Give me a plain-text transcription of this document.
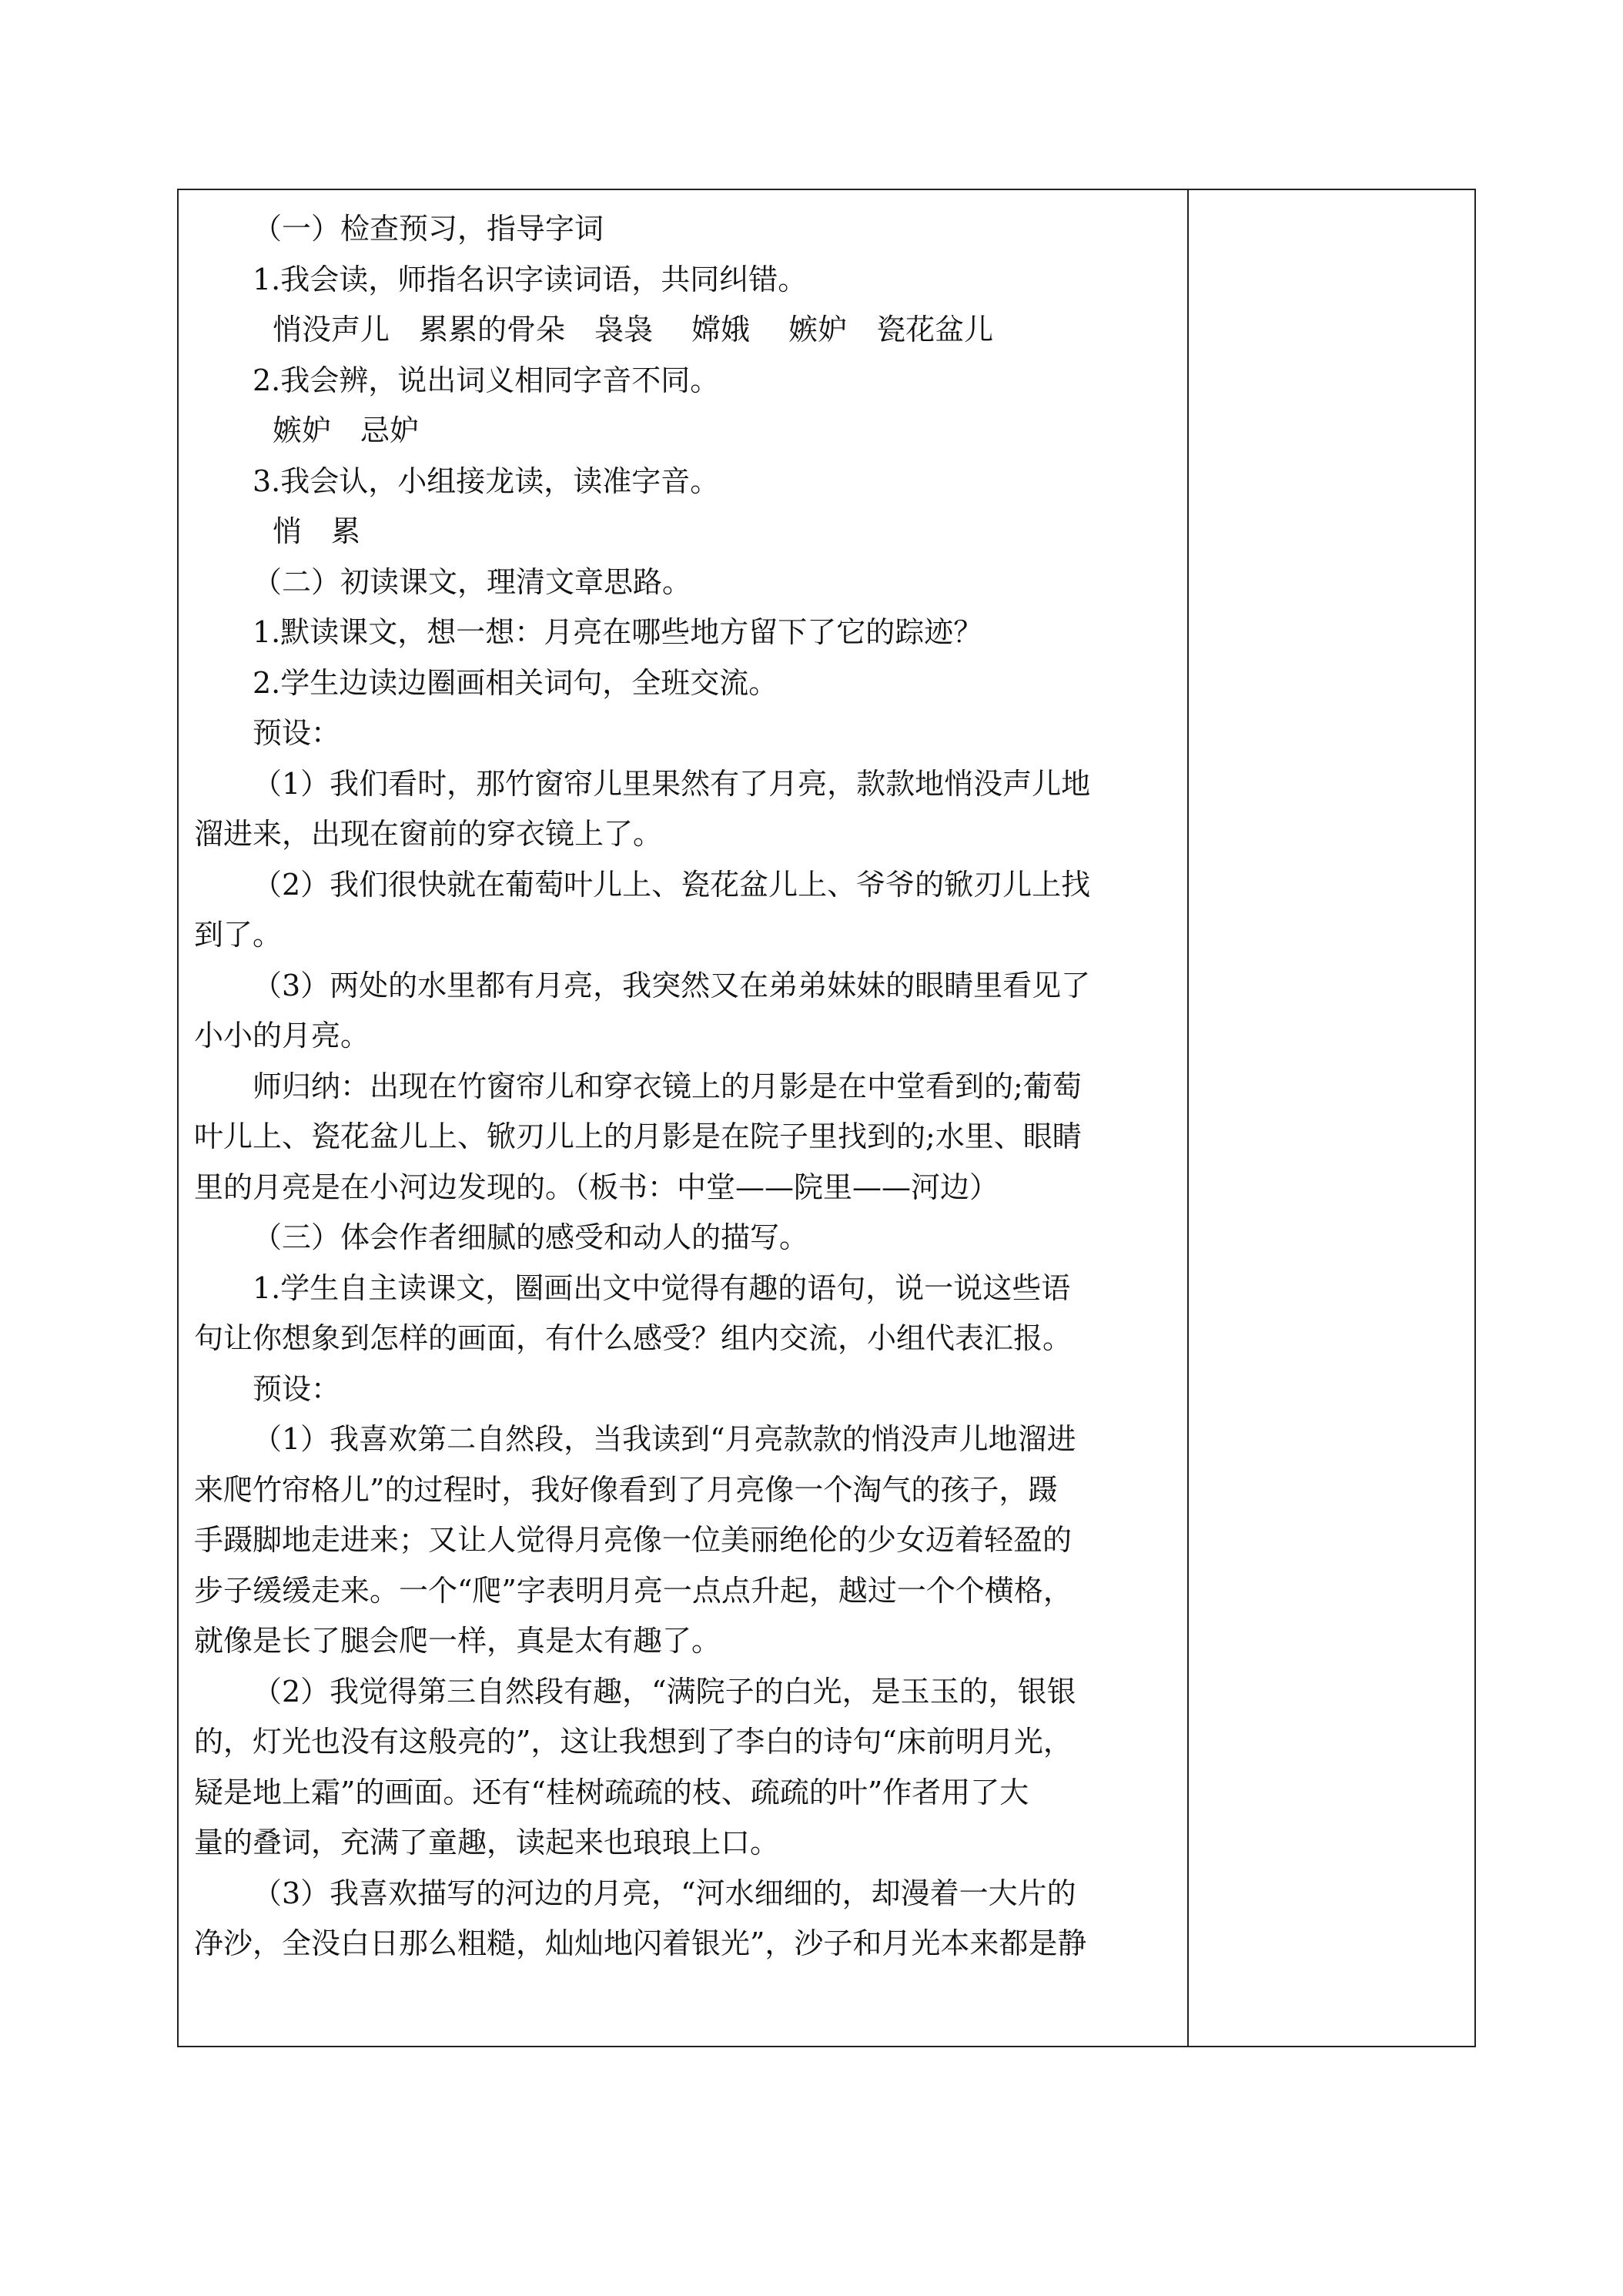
（一）检查预习，指导字词

1.我会读，师指名识字读词语，共同纠错。

悄没声儿　累累的骨朵　袅袅　 嫦娥　 嫉妒　瓷花盆儿

2.我会辨，说出词义相同字音不同。

嫉妒　忌妒

3.我会认，小组接龙读，读准字音。

悄　累

（二）初读课文，理清文章思路。

1.默读课文，想一想：月亮在哪些地方留下了它的踪迹？

2.学生边读边圈画相关词句，全班交流。

预设：

（1）我们看时，那竹窗帘儿里果然有了月亮，款款地悄没声儿地

溜进来，出现在窗前的穿衣镜上了。

（2）我们很快就在葡萄叶儿上、瓷花盆儿上、爷爷的锨刃儿上找

到了。

（3）两处的水里都有月亮，我突然又在弟弟妹妹的眼睛里看见了

小小的月亮。

师归纳：出现在竹窗帘儿和穿衣镜上的月影是在中堂看到的;葡萄

叶儿上、瓷花盆儿上、锨刃儿上的月影是在院子里找到的;水里、眼睛

里的月亮是在小河边发现的。（板书：中堂——院里——河边）

（三）体会作者细腻的感受和动人的描写。

1.学生自主读课文，圈画出文中觉得有趣的语句，说一说这些语

句让你想象到怎样的画面，有什么感受？组内交流，小组代表汇报。

预设：

（1）我喜欢第二自然段，当我读到“月亮款款的悄没声儿地溜进

来爬竹帘格儿”的过程时，我好像看到了月亮像一个淘气的孩子，蹑

手蹑脚地走进来；又让人觉得月亮像一位美丽绝伦的少女迈着轻盈的

步子缓缓走来。一个“爬”字表明月亮一点点升起，越过一个个横格，

就像是长了腿会爬一样，真是太有趣了。

（2）我觉得第三自然段有趣，“满院子的白光，是玉玉的，银银

的，灯光也没有这般亮的”，这让我想到了李白的诗句“床前明月光，

疑是地上霜”的画面。还有“桂树疏疏的枝、疏疏的叶”作者用了大

量的叠词，充满了童趣，读起来也琅琅上口。

（3）我喜欢描写的河边的月亮，“河水细细的，却漫着一大片的

净沙，全没白日那么粗糙，灿灿地闪着银光”，沙子和月光本来都是静
